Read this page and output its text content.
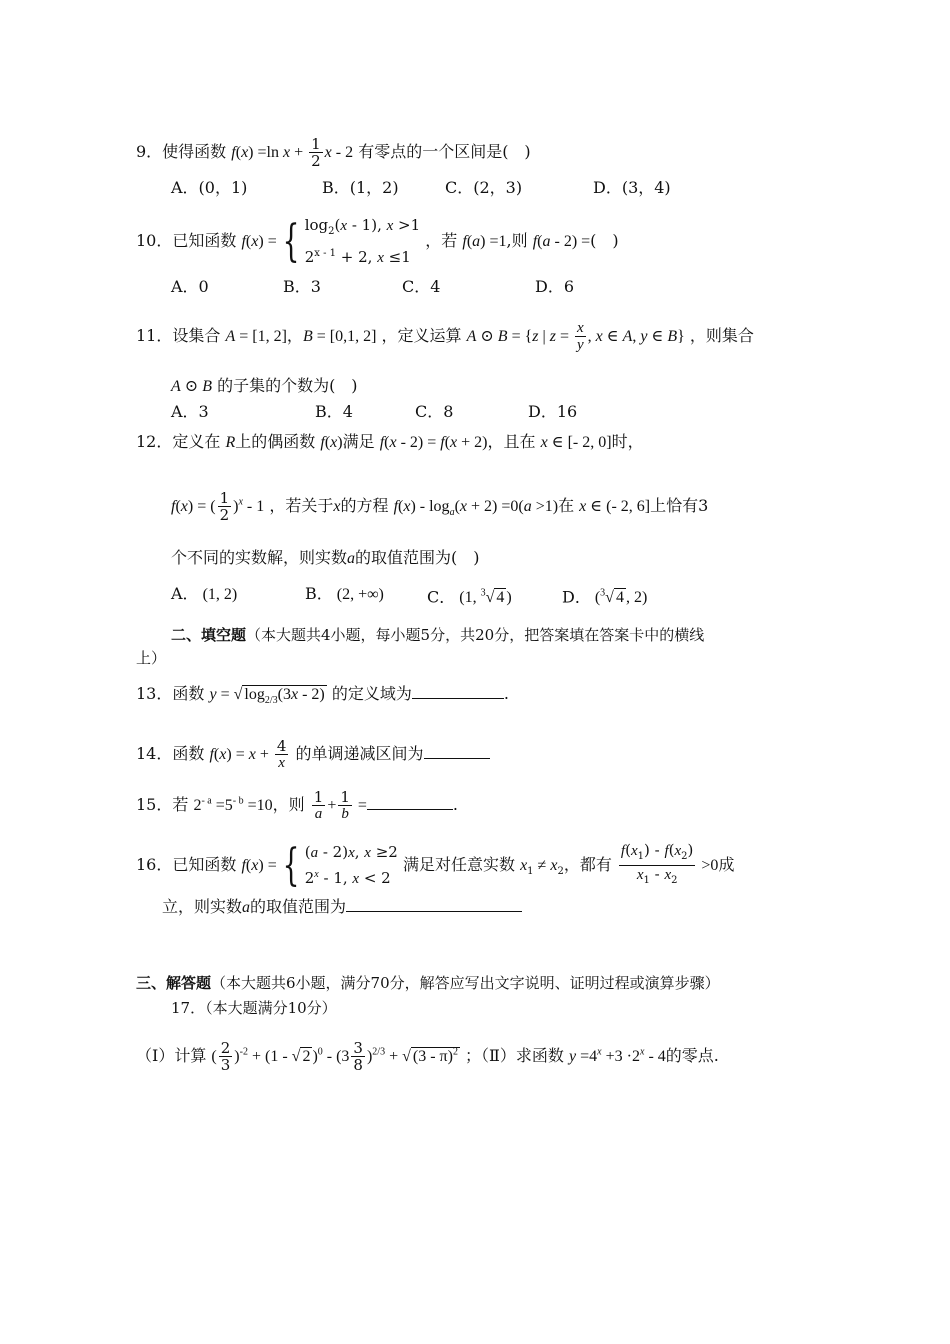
9．使得函数 f(x) =ln $x + \frac{1}{2}$ x - 2 有零点的一个区间是(　)
A．(0，1)	B．(1，2)	C．(2，3)	D．(3，4)
10．已知函数 f(x) = { $\log_2(x - 1)$, x >1
$2^{x - 1} + 2$, x ≤1
，若 f(a) =1,则 f(a - 2) =(　)
A．0	B．3	C．4	D．6
11．设集合 A = [1, 2]，B = [0,1, 2] ，定义运算 A ⊙ B = {z | $z = \frac{x}{y}$ , x ∈ A, y ∈ B} ，则集合
A ⊙ B 的子集的个数为(　)
A．3	B．4	C．8	D．16
12．定义在 R上的偶函数 f(x)满足 f(x - 2) = f(x + 2)，且在 x ∈ [- 2, 0]时，
f(x) = ( $\frac{1}{2} )^x - 1$ ，若关于x的方程 $f(x) - \log_a(x + 2) =0(a >1)$在 x ∈ (- 2, 6]上恰有3
个不同的实数解，则实数a的取值范围为(　)
A． (1, 2)	B． (2, +∞)	C． (1, $^3$√ 4 )	D． ($^3$√ 4 , 2)
二、填空题（本大题共4小题，每小题5分，共20分，把答案填在答案卡中的横线
上）
13．函数 y = √ $\log_{2/3}(3x - 2)$ 的定义域为	.
14．函数 $f(x) = x + \frac{4}{x}$ 的单调递减区间为
15．若 $2^{- a} =5^{- b} =10$，则 $\frac{1}{a} + \frac{1}{b}$ =	.
16．已知函数 f(x) = { (a - 2)x, x ≥2
2$^x$ - 1, x < 2
满足对任意实数 $x_1 \ne x_2$，都有 $\frac{f(x_1) - f(x_2)}{x_1 - x_2} >0$成
立，则实数a的取值范围为
三、解答题（本大题共6小题，满分70分，解答应写出文字说明、证明过程或演算步骤）
17．（本大题满分10分）
（Ⅰ）计算 ( $\frac{2}{3} )^{-2} + (1$ - √ 2 )$^0 - (3 \frac{3}{8} )^{2/3}$ + √ (3 - π)$^2$ ；（Ⅱ）求函数 $y =4^x +3 \cdot 2^x - 4$的零点.
